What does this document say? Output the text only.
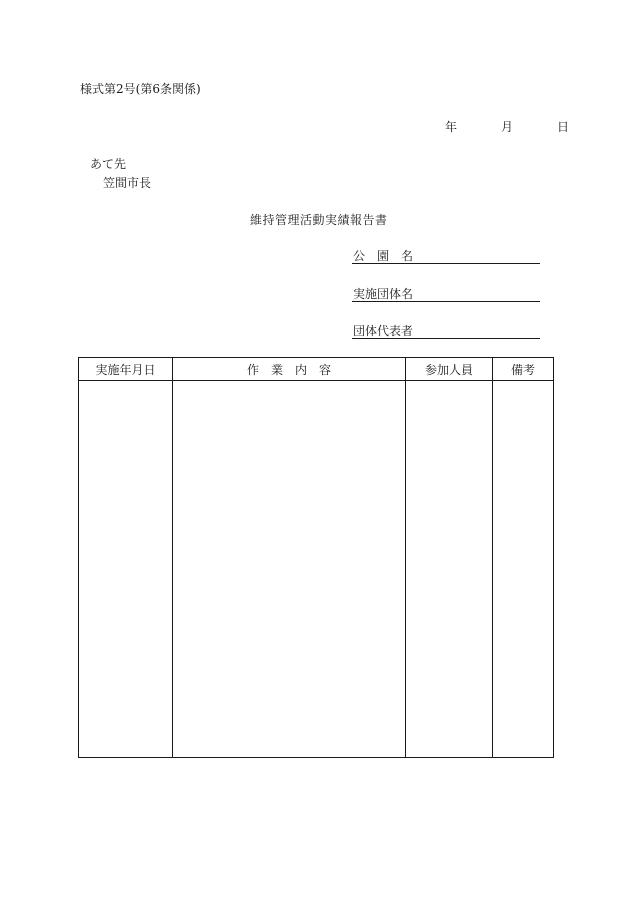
様式第2号(第6条関係)
年	月	日
あて先
笠間市長
維持管理活動実績報告書
公　園　名
実施団体名
団体代表者
実施年月日	作　業　内　容	参加人員	備考
